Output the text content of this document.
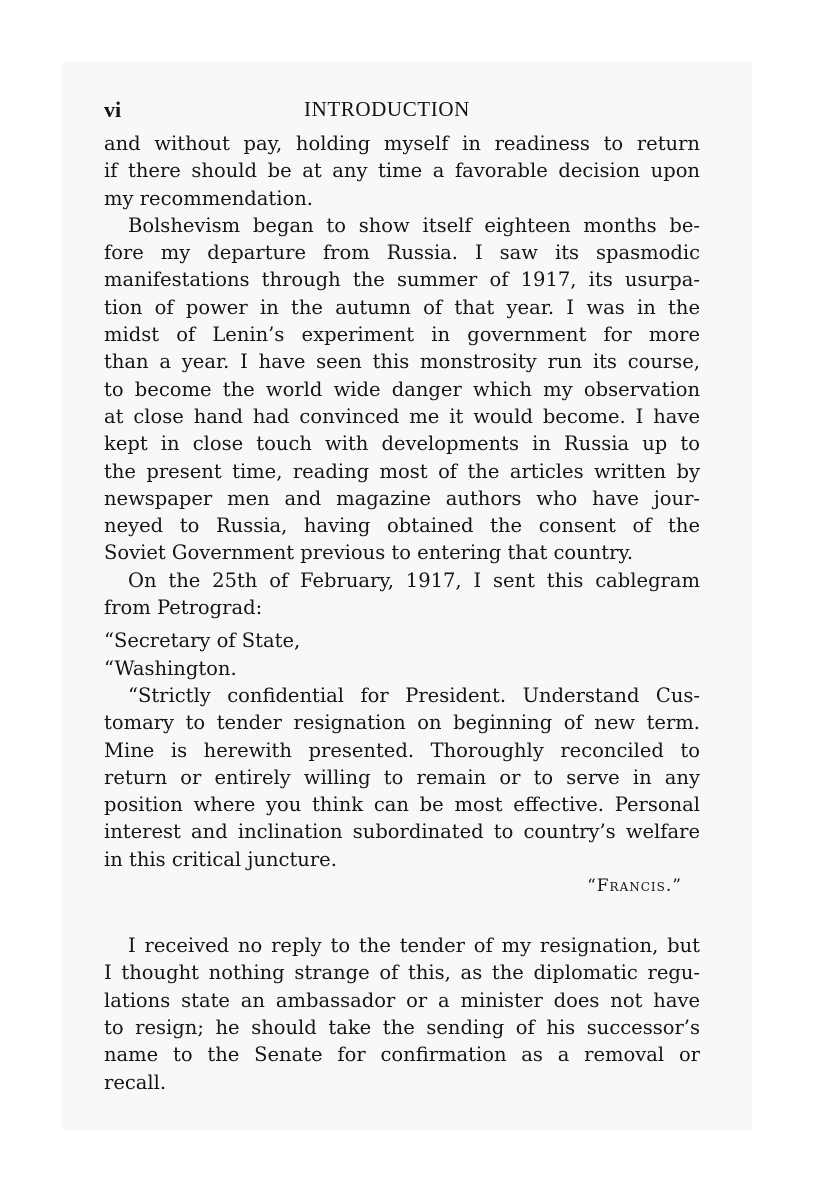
vi	INTRODUCTION
and without pay, holding myself in readiness to return
if there should be at any time a favorable decision upon
my recommendation.
Bolshevism began to show itself eighteen months be-
fore my departure from Russia. I saw its spasmodic
manifestations through the summer of 1917, its usurpa-
tion of power in the autumn of that year. I was in the
midst of Lenin’s experiment in government for more
than a year. I have seen this monstrosity run its course,
to become the world wide danger which my observation
at close hand had convinced me it would become. I have
kept in close touch with developments in Russia up to
the present time, reading most of the articles written by
newspaper men and magazine authors who have jour-
neyed to Russia, having obtained the consent of the
Soviet Government previous to entering that country.
On the 25th of February, 1917, I sent this cablegram
from Petrograd:
“Secretary of State,
“Washington.
“Strictly confidential for President. Understand Cus-
tomary to tender resignation on beginning of new term.
Mine is herewith presented. Thoroughly reconciled to
return or entirely willing to remain or to serve in any
position where you think can be most effective. Personal
interest and inclination subordinated to country’s welfare
in this critical juncture.
“Francis.”
I received no reply to the tender of my resignation, but
I thought nothing strange of this, as the diplomatic regu-
lations state an ambassador or a minister does not have
to resign; he should take the sending of his successor’s
name to the Senate for confirmation as a removal or
recall.
